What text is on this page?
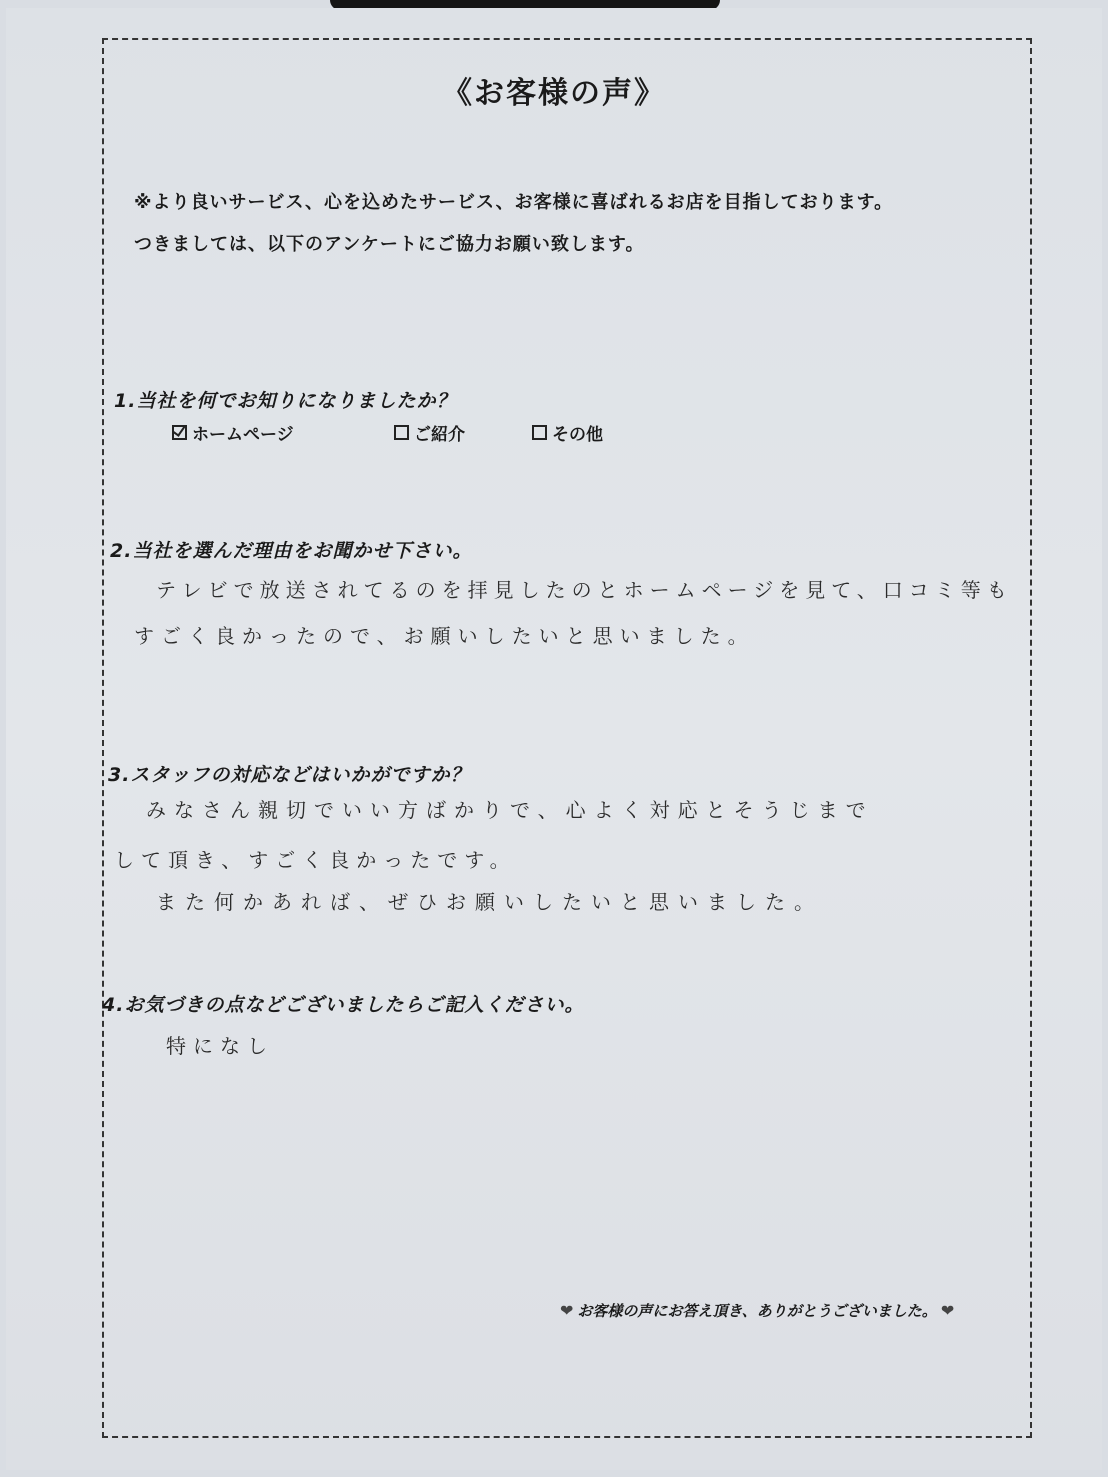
《お客様の声》
※より良いサービス、心を込めたサービス、お客様に喜ばれるお店を目指しております。
つきましては、以下のアンケートにご協力お願い致します。
1.当社を何でお知りになりましたか？
ホームページ	ご紹介	その他
2.当社を選んだ理由をお聞かせ下さい。
テレビで放送されてるのを拝見したのとホームページを見て、口コミ等も
すごく良かったので、お願いしたいと思いました。
3.スタッフの対応などはいかがですか？
みなさん親切でいい方ばかりで、心よく対応とそうじまで
して頂き、すごく良かったです。
また何かあれば、ぜひお願いしたいと思いました。
4.お気づきの点などございましたらご記入ください。
特になし
❤ お客様の声にお答え頂き、ありがとうございました。 ❤
